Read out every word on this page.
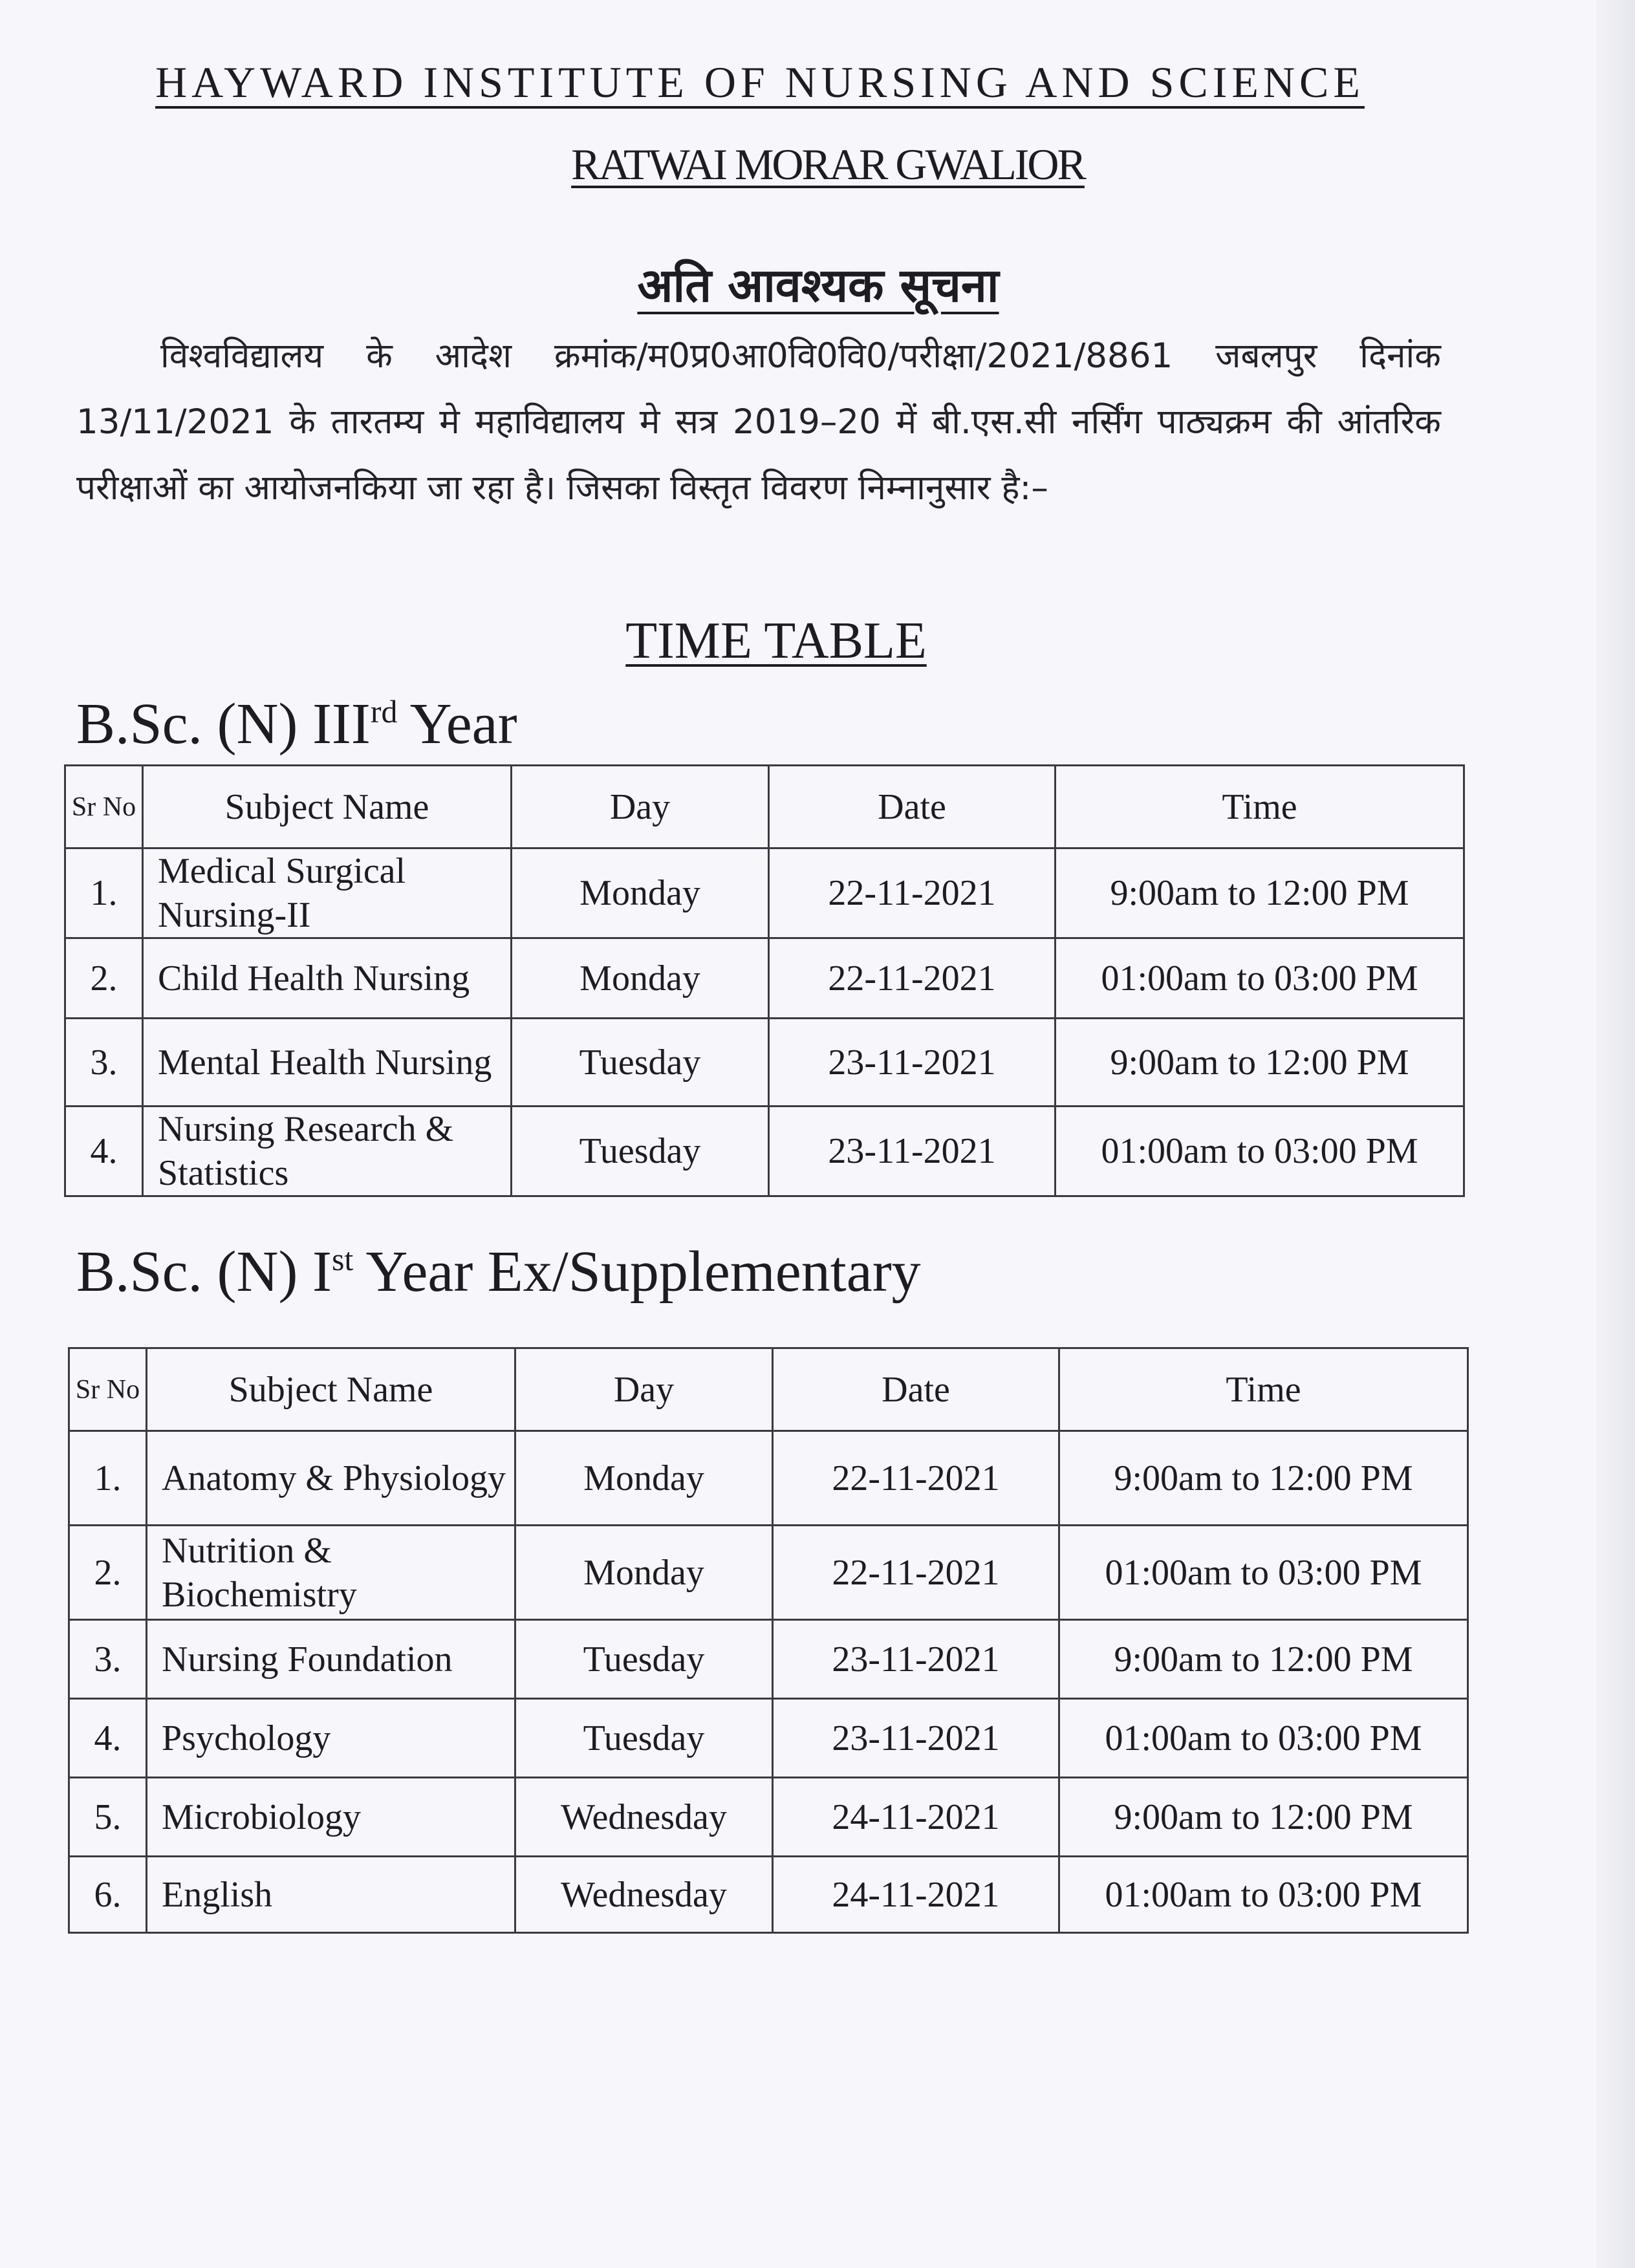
HAYWARD INSTITUTE OF NURSING AND SCIENCE
RATWAI MORAR GWALIOR
अति आवश्यक सूचना
विश्वविद्यालय के आदेश क्रमांक/म0प्र0आ0वि0वि0/परीक्षा/2021/8861 जबलपुर दिनांक 13/11/2021 के तारतम्य मे महाविद्यालय मे सत्र 2019–20 में बी.एस.सी नर्सिंग पाठ्यक्रम की आंतरिक परीक्षाओं का आयोजनकिया जा रहा है। जिसका विस्तृत विवरण निम्नानुसार है:–
TIME TABLE
B.Sc. (N) IIIrd Year
Sr No	Subject Name	Day	Date	Time
1.	Medical Surgical Nursing-II	Monday	22-11-2021	9:00am to 12:00 PM
2.	Child Health Nursing	Monday	22-11-2021	01:00am to 03:00 PM
3.	Mental Health Nursing	Tuesday	23-11-2021	9:00am to 12:00 PM
4.	Nursing Research & Statistics	Tuesday	23-11-2021	01:00am to 03:00 PM
B.Sc. (N) Ist Year Ex/Supplementary
Sr No	Subject Name	Day	Date	Time
1.	Anatomy & Physiology	Monday	22-11-2021	9:00am to 12:00 PM
2.	Nutrition & Biochemistry	Monday	22-11-2021	01:00am to 03:00 PM
3.	Nursing Foundation	Tuesday	23-11-2021	9:00am to 12:00 PM
4.	Psychology	Tuesday	23-11-2021	01:00am to 03:00 PM
5.	Microbiology	Wednesday	24-11-2021	9:00am to 12:00 PM
6.	English	Wednesday	24-11-2021	01:00am to 03:00 PM
